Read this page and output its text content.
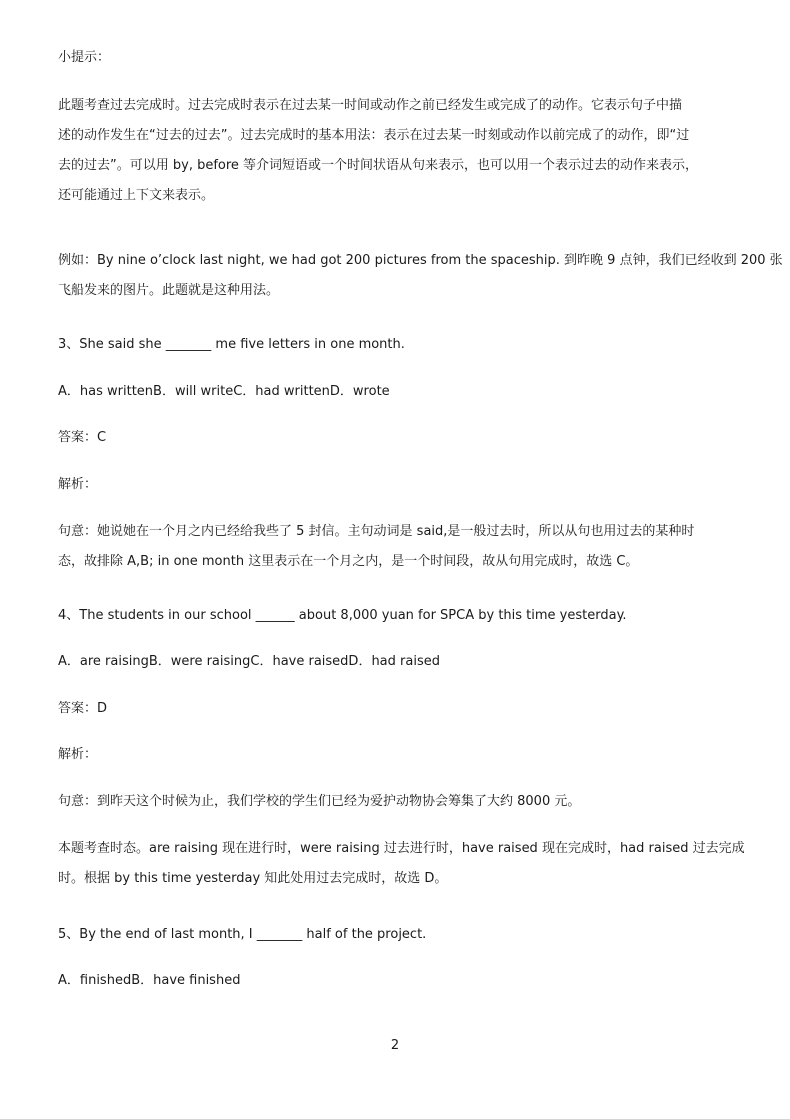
小提示：

此题考查过去完成时。过去完成时表示在过去某一时间或动作之前已经发生或完成了的动作。它表示句子中描
述的动作发生在“过去的过去”。过去完成时的基本用法：表示在过去某一时刻或动作以前完成了的动作，即“过
去的过去”。可以用 by, before 等介词短语或一个时间状语从句来表示，也可以用一个表示过去的动作来表示，
还可能通过上下文来表示。
例如：By nine o’clock last night, we had got 200 pictures from the spaceship. 到昨晚 9 点钟，我们已经收到 200 张
飞船发来的图片。此题就是这种用法。

3、She said she _______ me five letters in one month.

A．has writtenB．will writeC．had writtenD．wrote

答案：C

解析：

句意：她说她在一个月之内已经给我些了 5 封信。主句动词是 said,是一般过去时，所以从句也用过去的某种时
态，故排除 A,B; in one month 这里表示在一个月之内，是一个时间段，故从句用完成时，故选 C。

4、The students in our school ______ about 8,000 yuan for SPCA by this time yesterday.

A．are raisingB．were raisingC．have raisedD．had raised

答案：D

解析：

句意：到昨天这个时候为止，我们学校的学生们已经为爱护动物协会筹集了大约 8000 元。

本题考查时态。are raising 现在进行时，were raising 过去进行时，have raised 现在完成时，had raised 过去完成
时。根据 by this time yesterday 知此处用过去完成时，故选 D。

5、By the end of last month, I _______ half of the project.

A．finishedB．have finished

2
